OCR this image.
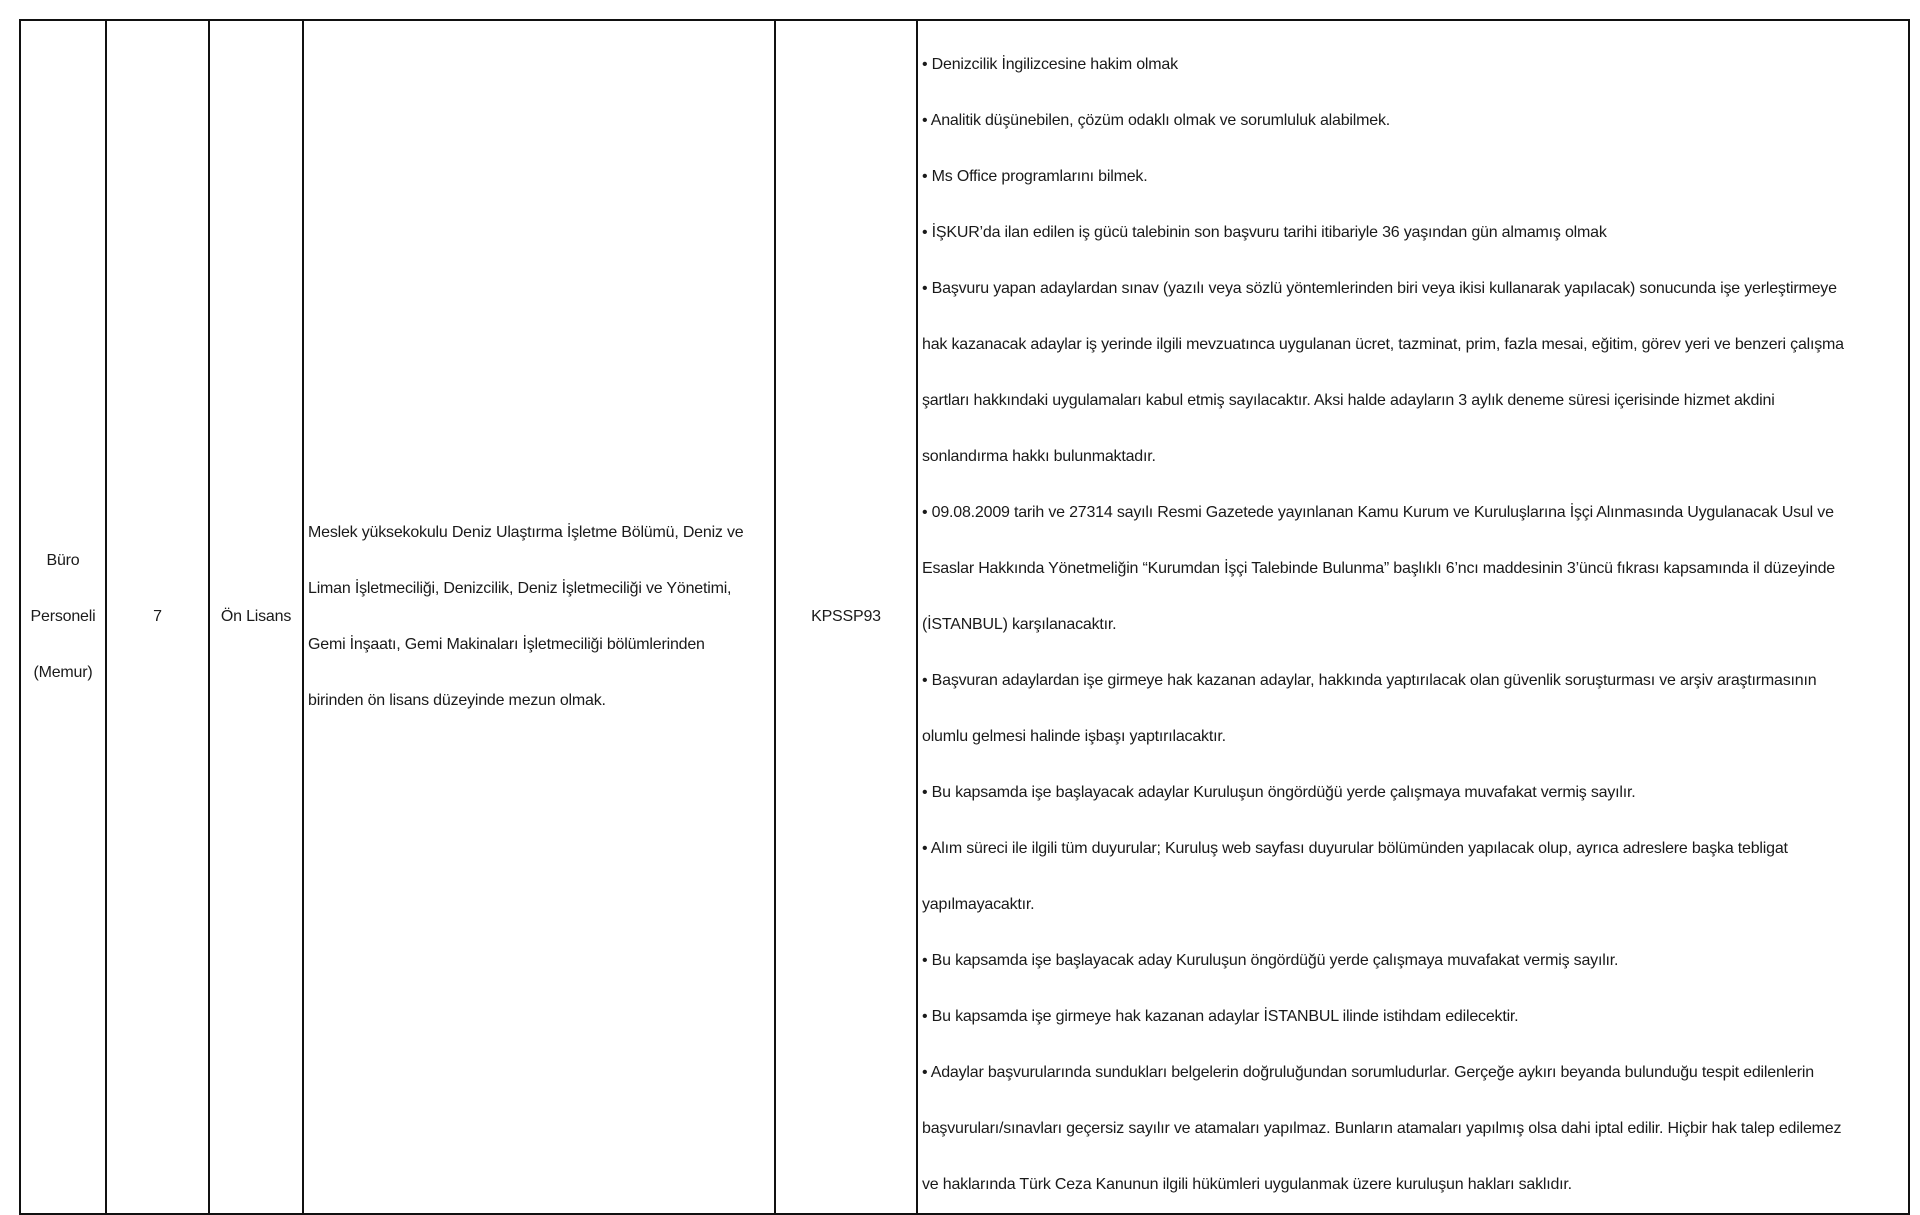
Büro
Personeli
(Memur)

7	Ön Lisans

Meslek yüksekokulu Deniz Ulaştırma İşletme Bölümü, Deniz ve
Liman İşletmeciliği, Denizcilik, Deniz İşletmeciliği ve Yönetimi,
Gemi İnşaatı, Gemi Makinaları İşletmeciliği bölümlerinden
birinden ön lisans düzeyinde mezun olmak.

KPSSP93

• Denizcilik İngilizcesine hakim olmak
• Analitik düşünebilen, çözüm odaklı olmak ve sorumluluk alabilmek.
• Ms Office programlarını bilmek.
• İŞKUR’da ilan edilen iş gücü talebinin son başvuru tarihi itibariyle 36 yaşından gün almamış olmak
• Başvuru yapan adaylardan sınav (yazılı veya sözlü yöntemlerinden biri veya ikisi kullanarak yapılacak) sonucunda işe yerleştirmeye
hak kazanacak adaylar iş yerinde ilgili mevzuatınca uygulanan ücret, tazminat, prim, fazla mesai, eğitim, görev yeri ve benzeri çalışma
şartları hakkındaki uygulamaları kabul etmiş sayılacaktır. Aksi halde adayların 3 aylık deneme süresi içerisinde hizmet akdini
sonlandırma hakkı bulunmaktadır.
• 09.08.2009 tarih ve 27314 sayılı Resmi Gazetede yayınlanan Kamu Kurum ve Kuruluşlarına İşçi Alınmasında Uygulanacak Usul ve
Esaslar Hakkında Yönetmeliğin “Kurumdan İşçi Talebinde Bulunma” başlıklı 6’ncı maddesinin 3’üncü fıkrası kapsamında il düzeyinde
(İSTANBUL) karşılanacaktır.
• Başvuran adaylardan işe girmeye hak kazanan adaylar, hakkında yaptırılacak olan güvenlik soruşturması ve arşiv araştırmasının
olumlu gelmesi halinde işbaşı yaptırılacaktır.
• Bu kapsamda işe başlayacak adaylar Kuruluşun öngördüğü yerde çalışmaya muvafakat vermiş sayılır.
• Alım süreci ile ilgili tüm duyurular; Kuruluş web sayfası duyurular bölümünden yapılacak olup, ayrıca adreslere başka tebligat
yapılmayacaktır.
• Bu kapsamda işe başlayacak aday Kuruluşun öngördüğü yerde çalışmaya muvafakat vermiş sayılır.
• Bu kapsamda işe girmeye hak kazanan adaylar İSTANBUL ilinde istihdam edilecektir.
• Adaylar başvurularında sundukları belgelerin doğruluğundan sorumludurlar. Gerçeğe aykırı beyanda bulunduğu tespit edilenlerin
başvuruları/sınavları geçersiz sayılır ve atamaları yapılmaz. Bunların atamaları yapılmış olsa dahi iptal edilir. Hiçbir hak talep edilemez
ve haklarında Türk Ceza Kanunun ilgili hükümleri uygulanmak üzere kuruluşun hakları saklıdır.
